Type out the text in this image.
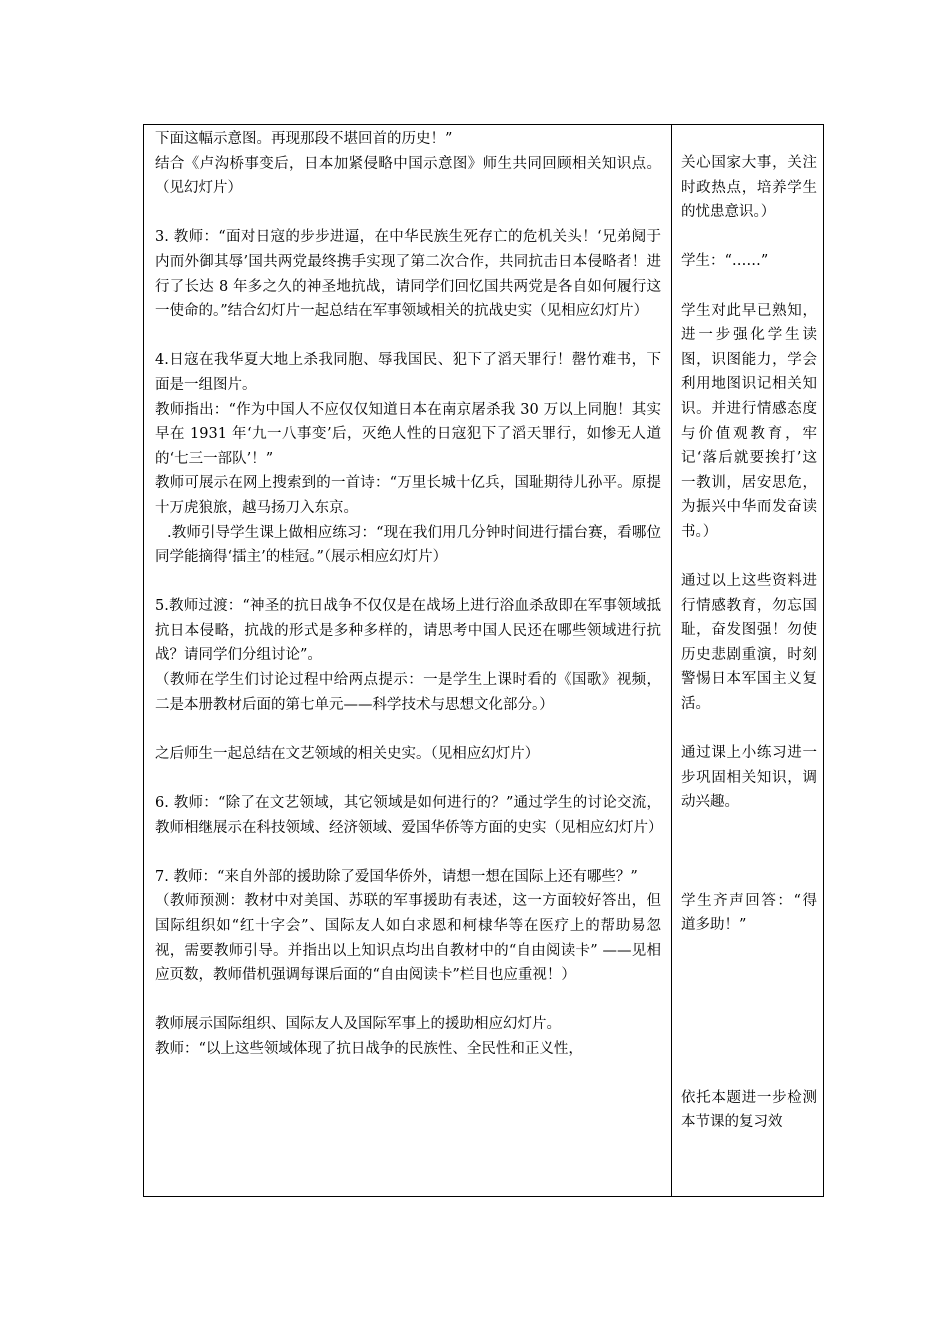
下面这幅示意图。再现那段不堪回首的历史！”

结合《卢沟桥事变后，日本加紧侵略中国示意图》师生共同回顾相关知识点。（见幻灯片）

3. 教师：“面对日寇的步步进逼，在中华民族生死存亡的危机关头！‘兄弟阋于内而外御其辱’国共两党最终携手实现了第二次合作，共同抗击日本侵略者！进行了长达 8 年多之久的神圣地抗战，请同学们回忆国共两党是各自如何履行这一使命的。”结合幻灯片一起总结在军事领域相关的抗战史实（见相应幻灯片）

4.日寇在我华夏大地上杀我同胞、辱我国民、犯下了滔天罪行！罄竹难书，下面是一组图片。

教师指出：“作为中国人不应仅仅知道日本在南京屠杀我 30 万以上同胞！其实早在 1931 年‘九一八事变’后，灭绝人性的日寇犯下了滔天罪行，如惨无人道的‘七三一部队’！”

教师可展示在网上搜索到的一首诗：“万里长城十亿兵，国耻期待儿孙平。原提十万虎狼旅，越马扬刀入东京。

.教师引导学生课上做相应练习：“现在我们用几分钟时间进行擂台赛，看哪位同学能摘得‘擂主’的桂冠。”（展示相应幻灯片）

5.教师过渡：“神圣的抗日战争不仅仅是在战场上进行浴血杀敌即在军事领域抵抗日本侵略，抗战的形式是多种多样的，请思考中国人民还在哪些领域进行抗战？请同学们分组讨论”。

（教师在学生们讨论过程中给两点提示：一是学生上课时看的《国歌》视频，二是本册教材后面的第七单元——科学技术与思想文化部分。）

之后师生一起总结在文艺领域的相关史实。（见相应幻灯片）

6. 教师：“除了在文艺领域，其它领域是如何进行的？”通过学生的讨论交流，教师相继展示在科技领域、经济领域、爱国华侨等方面的史实（见相应幻灯片）

7. 教师：“来自外部的援助除了爱国华侨外，请想一想在国际上还有哪些？”

（教师预测：教材中对美国、苏联的军事援助有表述，这一方面较好答出，但国际组织如“红十字会”、国际友人如白求恩和柯棣华等在医疗上的帮助易忽视，需要教师引导。并指出以上知识点均出自教材中的“自由阅读卡” ——见相应页数，教师借机强调每课后面的“自由阅读卡”栏目也应重视！）

教师展示国际组织、国际友人及国际军事上的援助相应幻灯片。

教师：“以上这些领域体现了抗日战争的民族性、全民性和正义性，

关心国家大事，关注时政热点，培养学生的忧患意识。）

学生：“……”

学生对此早已熟知，进一步强化学生读图，识图能力，学会利用地图识记相关知识。并进行情感态度与价值观教育，牢记‘落后就要挨打’这一教训，居安思危，为振兴中华而发奋读书。）

通过以上这些资料进行情感教育，勿忘国耻，奋发图强！勿使历史悲剧重演，时刻警惕日本军国主义复活。

通过课上小练习进一步巩固相关知识，调动兴趣。

学生齐声回答：“得道多助！”

依托本题进一步检测本节课的复习效
